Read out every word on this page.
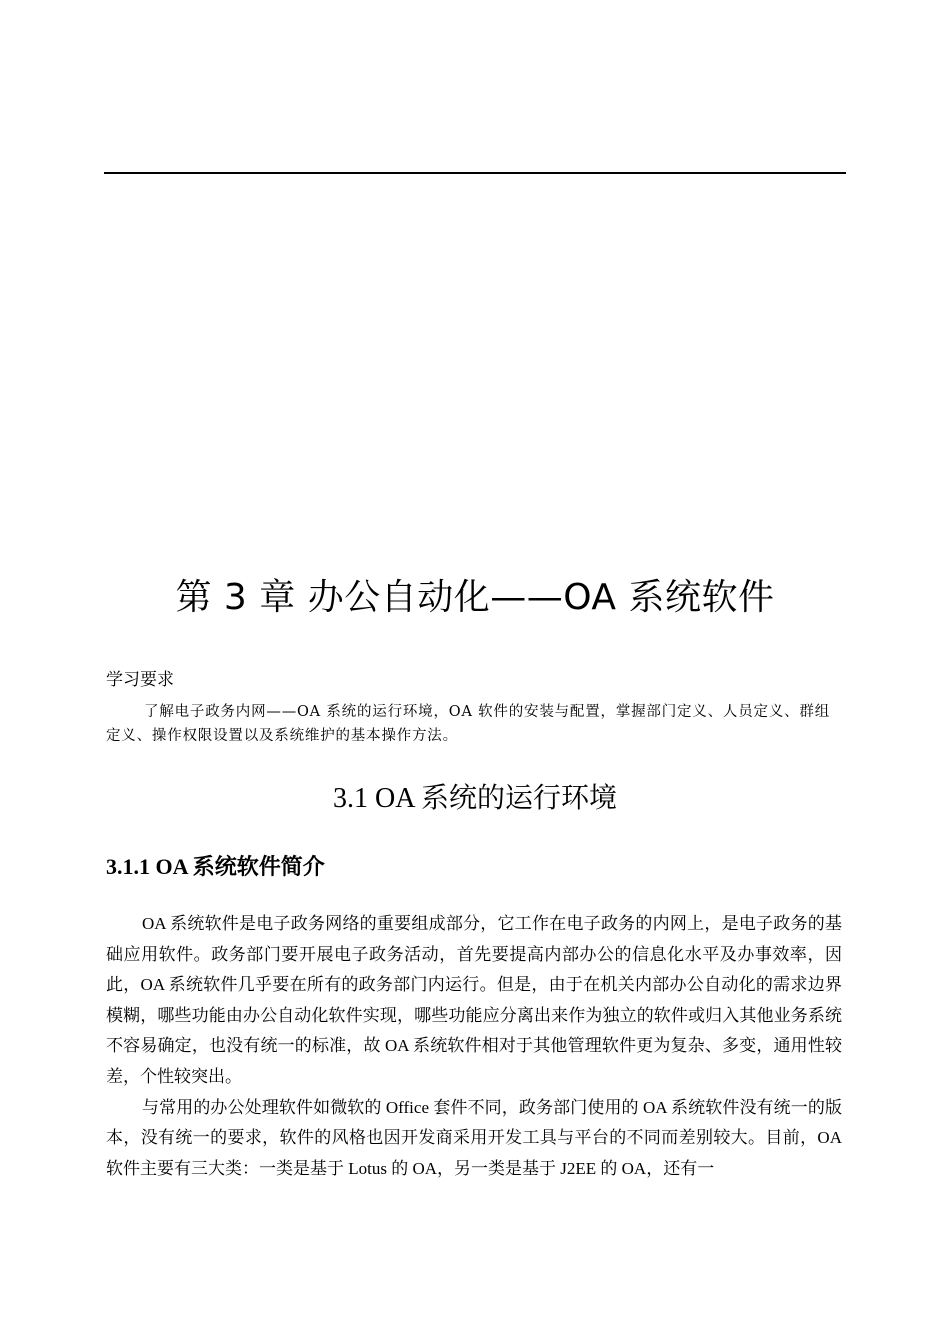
第 3 章 办公自动化——OA 系统软件
学习要求

了解电子政务内网——OA 系统的运行环境，OA 软件的安装与配置，掌握部门定义、人员定义、群组定义、操作权限设置以及系统维护的基本操作方法。

3.1 OA 系统的运行环境
3.1.1 OA 系统软件简介

OA 系统软件是电子政务网络的重要组成部分，它工作在电子政务的内网上，是电子政务的基础应用软件。政务部门要开展电子政务活动，首先要提高内部办公的信息化水平及办事效率，因此，OA 系统软件几乎要在所有的政务部门内运行。但是，由于在机关内部办公自动化的需求边界模糊，哪些功能由办公自动化软件实现，哪些功能应分离出来作为独立的软件或归入其他业务系统不容易确定，也没有统一的标准，故 OA 系统软件相对于其他管理软件更为复杂、多变，通用性较差，个性较突出。

与常用的办公处理软件如微软的 Office 套件不同，政务部门使用的 OA 系统软件没有统一的版本，没有统一的要求，软件的风格也因开发商采用开发工具与平台的不同而差别较大。目前，OA 软件主要有三大类：一类是基于 Lotus 的 OA，另一类是基于 J2EE 的 OA，还有一
